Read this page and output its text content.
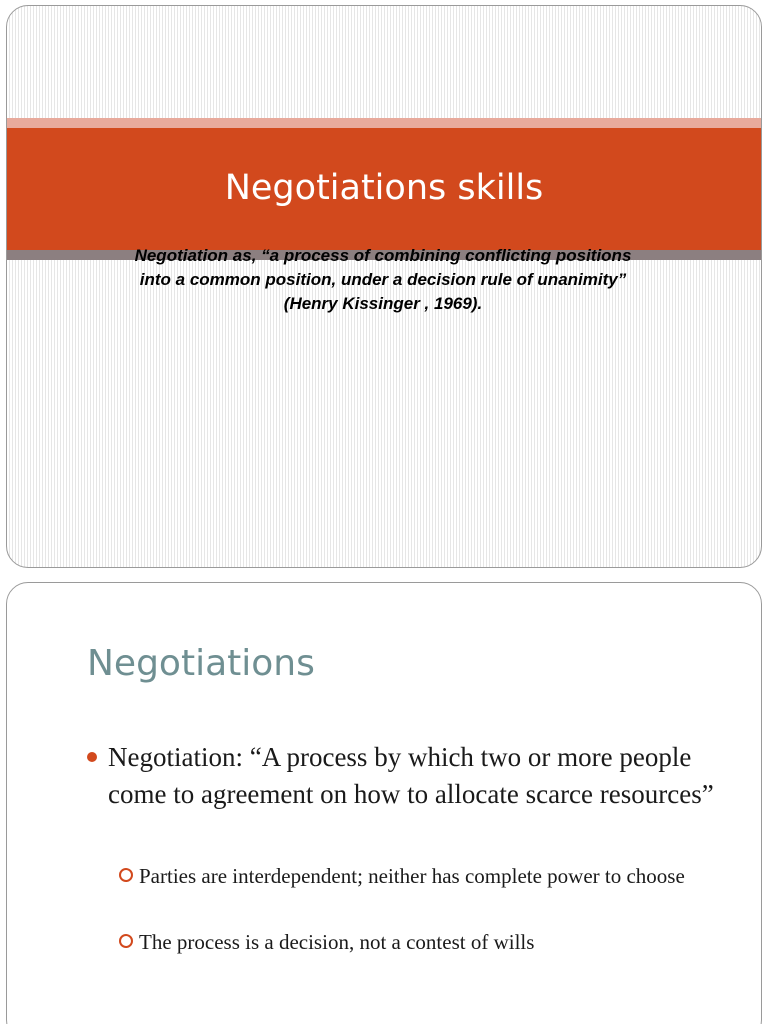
Negotiations skills

Negotiation as, “a process of combining conflicting positions into a common position, under a decision rule of unanimity” (Henry Kissinger , 1969).

Negotiations
Negotiation: “A process by which two or more people come to agreement on how to allocate scarce resources”
Parties are interdependent; neither has complete power to choose
The process is a decision, not a contest of wills
